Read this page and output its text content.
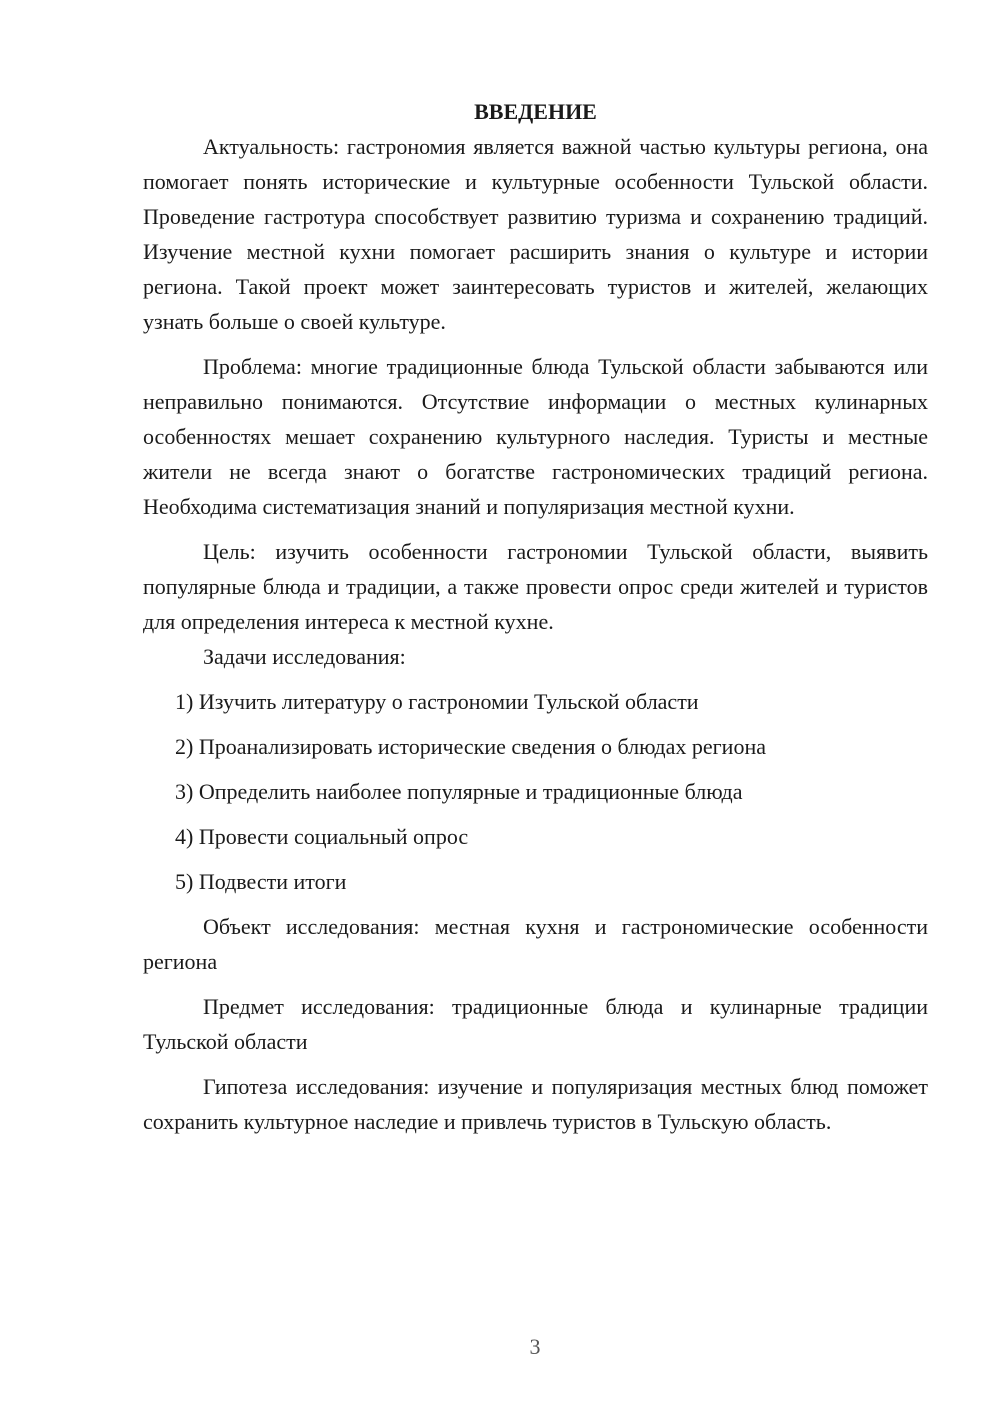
ВВЕДЕНИЕ

Актуальность: гастрономия является важной частью культуры региона, она помогает понять исторические и культурные особенности Тульской области. Проведение гастротура способствует развитию туризма и сохранению традиций. Изучение местной кухни помогает расширить знания о культуре и истории региона. Такой проект может заинтересовать туристов и жителей, желающих узнать больше о своей культуре.

Проблема: многие традиционные блюда Тульской области забываются или неправильно понимаются. Отсутствие информации о местных кулинарных особенностях мешает сохранению культурного наследия. Туристы и местные жители не всегда знают о богатстве гастрономических традиций региона. Необходима систематизация знаний и популяризация местной кухни.

Цель: изучить особенности гастрономии Тульской области, выявить популярные блюда и традиции, а также провести опрос среди жителей и туристов для определения интереса к местной кухне.

Задачи исследования:

1) Изучить литературу о гастрономии Тульской области
2) Проанализировать исторические сведения о блюдах региона
3) Определить наиболее популярные и традиционные блюда
4) Провести социальный опрос
5) Подвести итоги

Объект исследования: местная кухня и гастрономические особенности региона

Предмет исследования: традиционные блюда и кулинарные традиции Тульской области

Гипотеза исследования: изучение и популяризация местных блюд поможет сохранить культурное наследие и привлечь туристов в Тульскую область.

3
